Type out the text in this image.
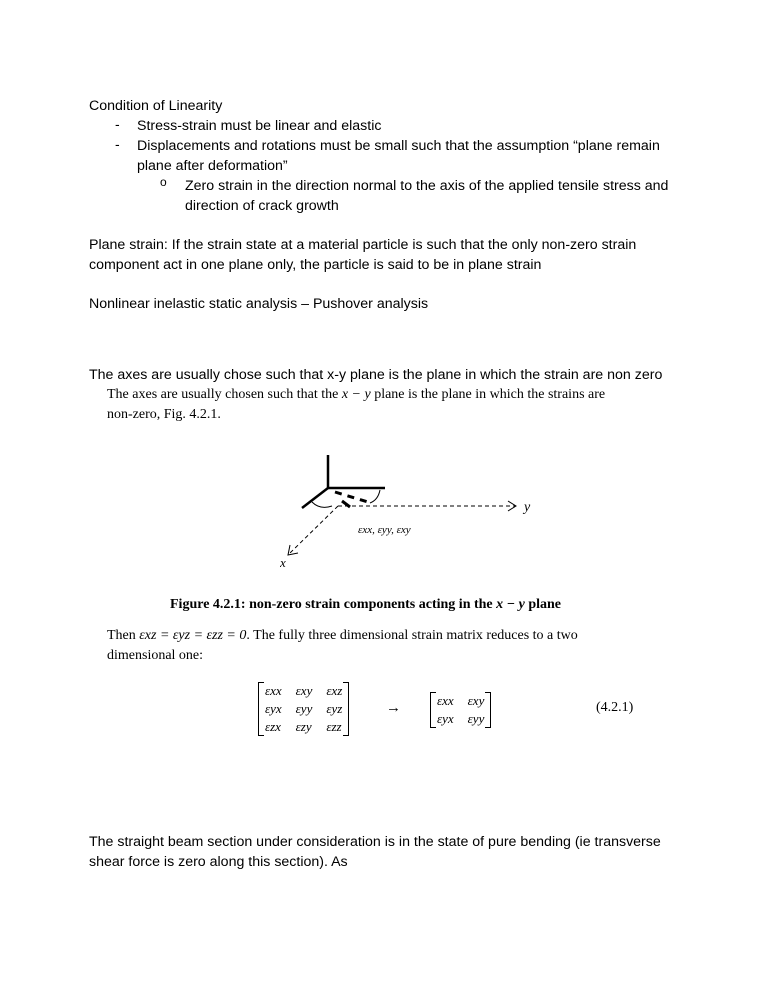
Condition of Linearity
- Stress-strain must be linear and elastic
- Displacements and rotations must be small such that the assumption “plane remain
plane after deformation”
o Zero strain in the direction normal to the axis of the applied tensile stress and
direction of crack growth
Plane strain: If the strain state at a material particle is such that the only non-zero strain
component act in one plane only, the particle is said to be in plane strain
Nonlinear inelastic static analysis – Pushover analysis
The axes are usually chose such that x-y plane is the plane in which the strain are non zero
The axes are usually chosen such that the x − y plane is the plane in which the strains are
non-zero, Fig. 4.2.1.
y
x
εxx, εyy, εxy
Figure 4.2.1: non-zero strain components acting in the x − y plane
Then εxz = εyz = εzz = 0. The fully three dimensional strain matrix reduces to a two
dimensional one:
εxx	εxy	εxz
εyx	εyy	εyz
εzx	εzy	εzz
→	εxx	εxy
εyx	εyy
(4.2.1)
The straight beam section under consideration is in the state of pure bending (ie transverse
shear force is zero along this section). As
